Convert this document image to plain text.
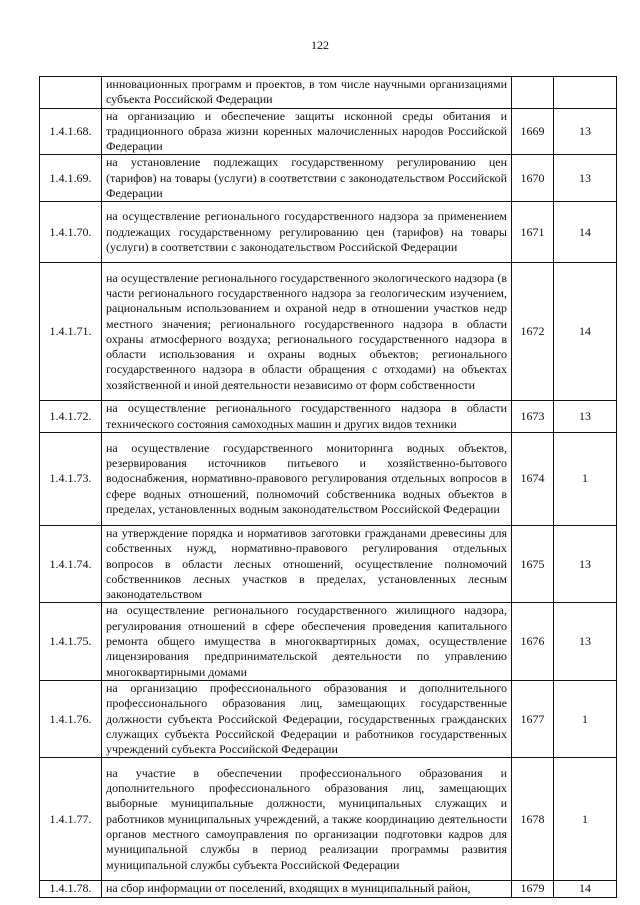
122
	инновационных программ и проектов, в том числе научными организациями субъекта Российской Федерации		
1.4.1.68.	на организацию и обеспечение защиты исконной среды обитания и традиционного образа жизни коренных малочисленных народов Российской Федерации	1669	13
1.4.1.69.	на установление подлежащих государственному регулированию цен (тарифов) на товары (услуги) в соответствии с законодательством Российской Федерации	1670	13
1.4.1.70.	на осуществление регионального государственного надзора за применением подлежащих государственному регулированию цен (тарифов) на товары (услуги) в соответствии с законодательством Российской Федерации	1671	14
1.4.1.71.	на осуществление регионального государственного экологического надзора (в части регионального государственного надзора за геологическим изучением, рациональным использованием и охраной недр в отношении участков недр местного значения; регионального государственного надзора в области охраны атмосферного воздуха; регионального государственного надзора в области использования и охраны водных объектов; регионального государственного надзора в области обращения с отходами) на объектах хозяйственной и иной деятельности независимо от форм собственности	1672	14
1.4.1.72.	на осуществление регионального государственного надзора в области технического состояния самоходных машин и других видов техники	1673	13
1.4.1.73.	на осуществление государственного мониторинга водных объектов, резервирования источников питьевого и хозяйственно-бытового водоснабжения, нормативно-правового регулирования отдельных вопросов в сфере водных отношений, полномочий собственника водных объектов в пределах, установленных водным законодательством Российской Федерации	1674	1
1.4.1.74.	на утверждение порядка и нормативов заготовки гражданами древесины для собственных нужд, нормативно-правового регулирования отдельных вопросов в области лесных отношений, осуществление полномочий собственников лесных участков в пределах, установленных лесным законодательством	1675	13
1.4.1.75.	на осуществление регионального государственного жилищного надзора, регулирования отношений в сфере обеспечения проведения капитального ремонта общего имущества в многоквартирных домах, осуществление лицензирования предпринимательской деятельности по управлению многоквартирными домами	1676	13
1.4.1.76.	на организацию профессионального образования и дополнительного профессионального образования лиц, замещающих государственные должности субъекта Российской Федерации, государственных гражданских служащих субъекта Российской Федерации и работников государственных учреждений субъекта Российской Федерации	1677	1
1.4.1.77.	на участие в обеспечении профессионального образования и дополнительного профессионального образования лиц, замещающих выборные муниципальные должности, муниципальных служащих и работников муниципальных учреждений, а также координацию деятельности органов местного самоуправления по организации подготовки кадров для муниципальной службы в период реализации программы развития муниципальной службы субъекта Российской Федерации	1678	1
1.4.1.78.	на сбор информации от поселений, входящих в муниципальный район,	1679	14
